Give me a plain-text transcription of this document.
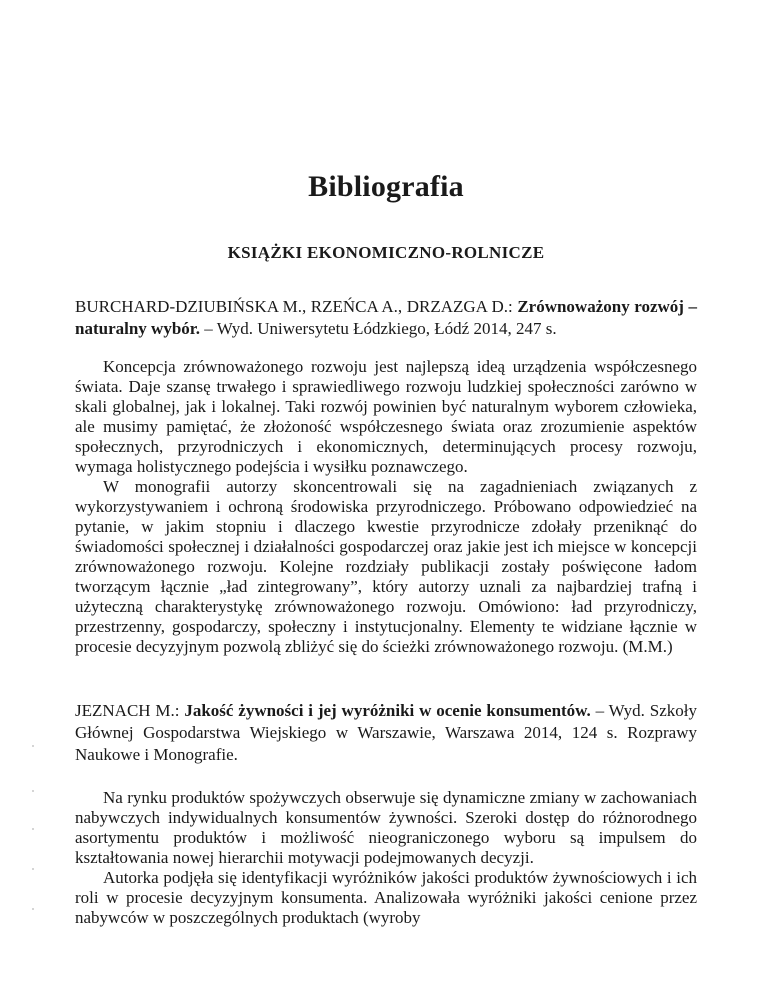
Bibliografia
KSIĄŻKI EKONOMICZNO-ROLNICZE

BURCHARD-DZIUBIŃSKA M., RZEŃCA A., DRZAZGA D.: Zrównoważony rozwój – naturalny wybór. – Wyd. Uniwersytetu Łódzkiego, Łódź 2014, 247 s.

Koncepcja zrównoważonego rozwoju jest najlepszą ideą urządzenia współczesnego świata. Daje szansę trwałego i sprawiedliwego rozwoju ludzkiej społeczności zarówno w skali globalnej, jak i lokalnej. Taki rozwój powinien być naturalnym wyborem człowieka, ale musimy pamiętać, że złożoność współczesnego świata oraz zrozumienie aspektów społecznych, przyrodniczych i ekonomicznych, determinujących procesy rozwoju, wymaga holistycznego podejścia i wysiłku poznawczego.

W monografii autorzy skoncentrowali się na zagadnieniach związanych z wykorzystywaniem i ochroną środowiska przyrodniczego. Próbowano odpowiedzieć na pytanie, w jakim stopniu i dlaczego kwestie przyrodnicze zdołały przeniknąć do świadomości społecznej i działalności gospodarczej oraz jakie jest ich miejsce w koncepcji zrównoważonego rozwoju. Kolejne rozdziały publikacji zostały poświęcone ładom tworzącym łącznie „ład zintegrowany”, który autorzy uznali za najbardziej trafną i użyteczną charakterystykę zrównoważonego rozwoju. Omówiono: ład przyrodniczy, przestrzenny, gospodarczy, społeczny i instytucjonalny. Elementy te widziane łącznie w procesie decyzyjnym pozwolą zbliżyć się do ścieżki zrównoważonego rozwoju. (M.M.)

JEZNACH M.: Jakość żywności i jej wyróżniki w ocenie konsumentów. – Wyd. Szkoły Głównej Gospodarstwa Wiejskiego w Warszawie, Warszawa 2014, 124 s. Rozprawy Naukowe i Monografie.

Na rynku produktów spożywczych obserwuje się dynamiczne zmiany w zachowaniach nabywczych indywidualnych konsumentów żywności. Szeroki dostęp do różnorodnego asortymentu produktów i możliwość nieograniczonego wyboru są impulsem do kształtowania nowej hierarchii motywacji podejmowanych decyzji.

Autorka podjęła się identyfikacji wyróżników jakości produktów żywnościowych i ich roli w procesie decyzyjnym konsumenta. Analizowała wyróżniki jakości cenione przez nabywców w poszczególnych produktach (wyroby
